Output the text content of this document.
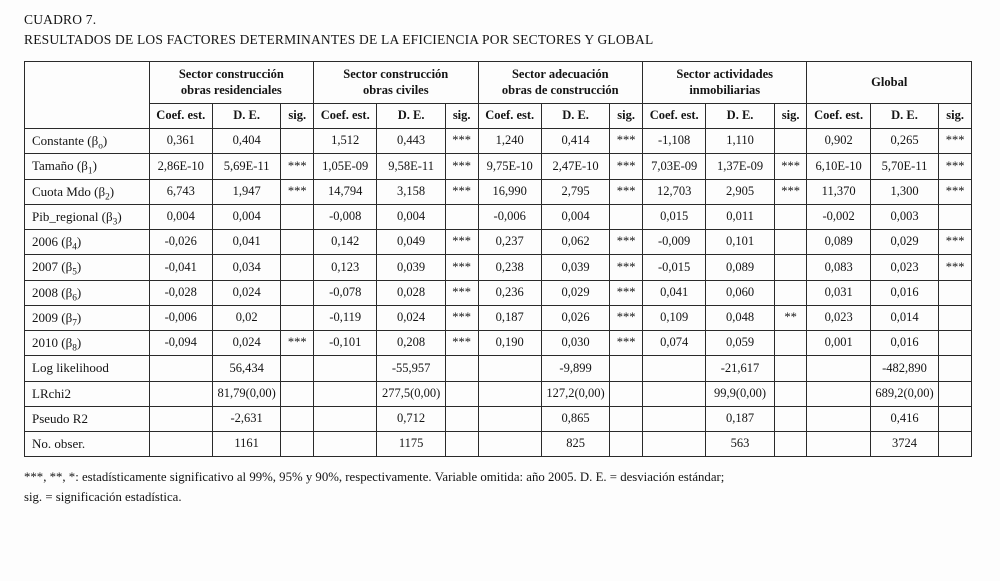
CUADRO 7.
RESULTADOS DE LOS FACTORES DETERMINANTES DE LA EFICIENCIA POR SECTORES Y GLOBAL
	Sector construcción
obras residenciales			Sector construcción
obras civiles			Sector adecuación
obras de construcción			Sector actividades
inmobiliarias			Global		
	Coef. est.	D. E.	sig.	Coef. est.	D. E.	sig.	Coef. est.	D. E.	sig.	Coef. est.	D. E.	sig.	Coef. est.	D. E.	sig.
Constante $(\beta_o)$	0,361	0,404		1,512	0,443	***	1,240	0,414	***	-1,108	1,110		0,902	0,265	***
Tamaño $(\beta_1)$	2,86E-10	5,69E-11	***	1,05E-09	9,58E-11	***	9,75E-10	2,47E-10	***	7,03E-09	1,37E-09	***	6,10E-10	5,70E-11	***
Cuota Mdo $(\beta_2)$	6,743	1,947	***	14,794	3,158	***	16,990	2,795	***	12,703	2,905	***	11,370	1,300	***
Pib_regional $(\beta_3)$	0,004	0,004		-0,008	0,004		-0,006	0,004		0,015	0,011		-0,002	0,003	
2006 $(\beta_4)$	-0,026	0,041		0,142	0,049	***	0,237	0,062	***	-0,009	0,101		0,089	0,029	***
2007 $(\beta_5)$	-0,041	0,034		0,123	0,039	***	0,238	0,039	***	-0,015	0,089		0,083	0,023	***
2008 $(\beta_6)$	-0,028	0,024		-0,078	0,028	***	0,236	0,029	***	0,041	0,060		0,031	0,016	
2009 $(\beta_7)$	-0,006	0,02		-0,119	0,024	***	0,187	0,026	***	0,109	0,048	**	0,023	0,014	
2010 $(\beta_8)$	-0,094	0,024	***	-0,101	0,208	***	0,190	0,030	***	0,074	0,059		0,001	0,016	
Log likelihood		56,434			-55,957			-9,899			-21,617			-482,890	
LRchi2		81,79(0,00)			277,5(0,00)			127,2(0,00)			99,9(0,00)			689,2(0,00)	
Pseudo R2		-2,631			0,712			0,865			0,187			0,416	
No. obser.		1161			1175			825			563			3724	
***, **, *: estadísticamente significativo al 99%, 95% y 90%, respectivamente. Variable omitida: año 2005. D. E. = desviación estándar;
sig. = significación estadística.
